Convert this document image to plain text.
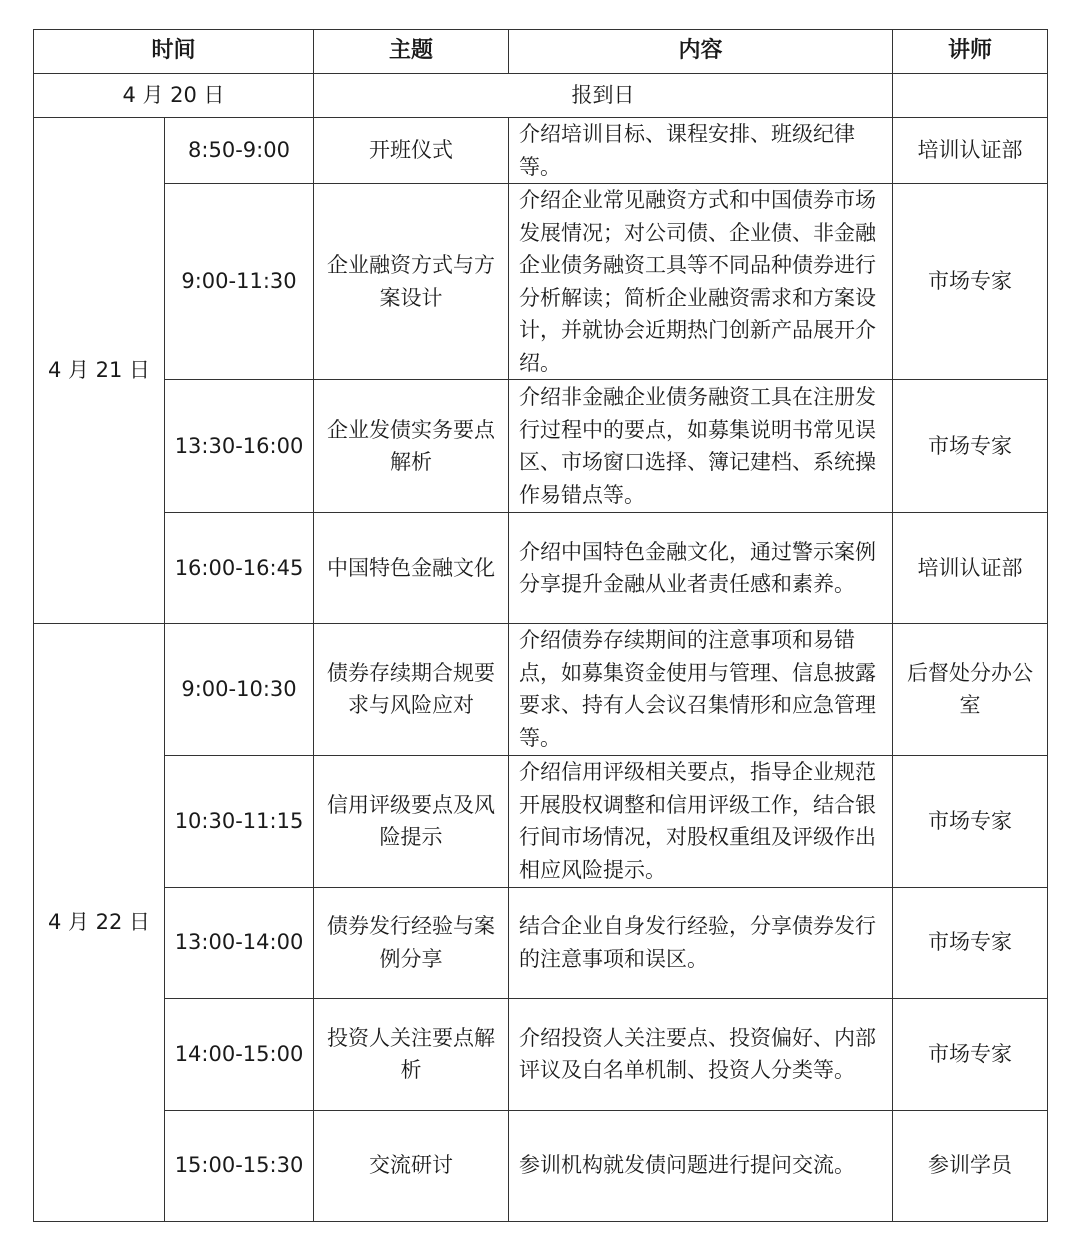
时间		主题	内容	讲师
4 月 20 日		报到日		
4 月 21 日	8:50-9:00	开班仪式	介绍培训目标、课程安排、班级纪律等。	培训认证部
	9:00-11:30	企业融资方式与方案设计	介绍企业常见融资方式和中国债券市场发展情况；对公司债、企业债、非金融企业债务融资工具等不同品种债券进行分析解读；简析企业融资需求和方案设计，并就协会近期热门创新产品展开介绍。	市场专家
	13:30-16:00	企业发债实务要点解析	介绍非金融企业债务融资工具在注册发行过程中的要点，如募集说明书常见误区、市场窗口选择、簿记建档、系统操作易错点等。	市场专家
	16:00-16:45	中国特色金融文化	介绍中国特色金融文化，通过警示案例分享提升金融从业者责任感和素养。	培训认证部
4 月 22 日	9:00-10:30	债券存续期合规要求与风险应对	介绍债券存续期间的注意事项和易错点，如募集资金使用与管理、信息披露要求、持有人会议召集情形和应急管理等。	后督处分办公室
	10:30-11:15	信用评级要点及风险提示	介绍信用评级相关要点，指导企业规范开展股权调整和信用评级工作，结合银行间市场情况，对股权重组及评级作出相应风险提示。	市场专家
	13:00-14:00	债券发行经验与案例分享	结合企业自身发行经验，分享债券发行的注意事项和误区。	市场专家
	14:00-15:00	投资人关注要点解析	介绍投资人关注要点、投资偏好、内部评议及白名单机制、投资人分类等。	市场专家
	15:00-15:30	交流研讨	参训机构就发债问题进行提问交流。	参训学员
